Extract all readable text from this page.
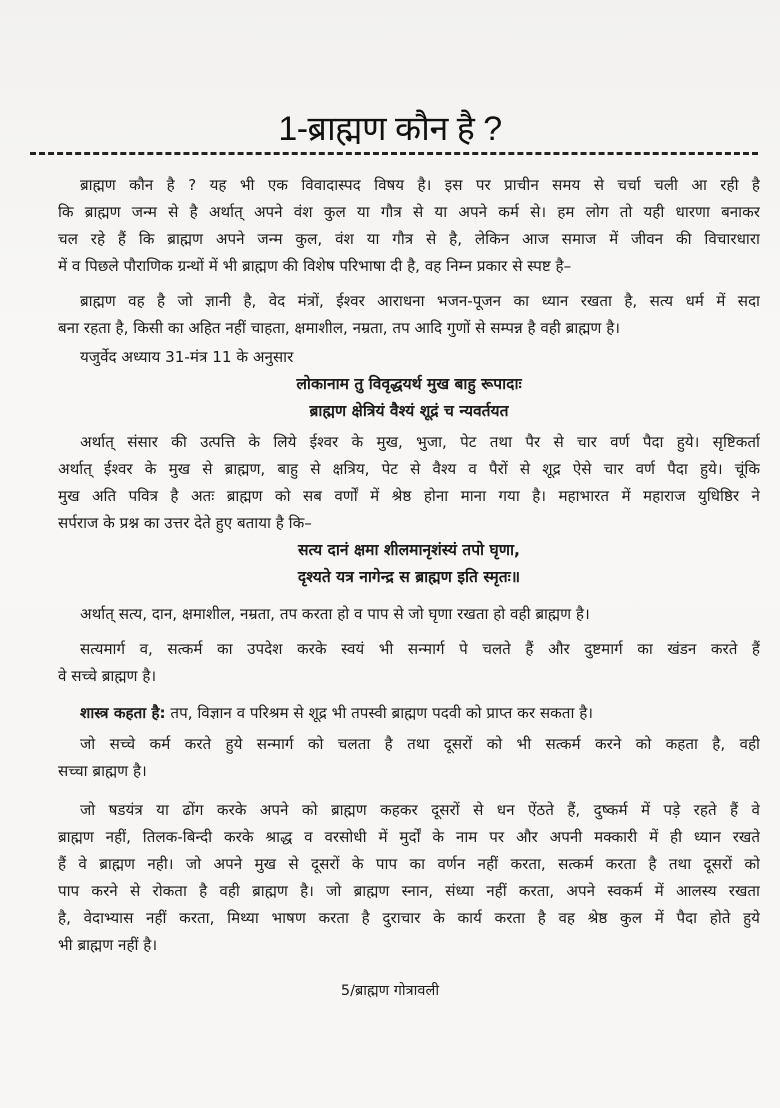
1-ब्राह्मण कौन है ?
ब्राह्मण कौन है ? यह भी एक विवादास्पद विषय है। इस पर प्राचीन समय से चर्चा चली आ रही है
कि ब्राह्मण जन्म से है अर्थात् अपने वंश कुल या गौत्र से या अपने कर्म से। हम लोग तो यही धारणा बनाकर
चल रहे हैं कि ब्राह्मण अपने जन्म कुल, वंश या गौत्र से है, लेकिन आज समाज में जीवन की विचारधारा
में व पिछले पौराणिक ग्रन्थों में भी ब्राह्मण की विशेष परिभाषा दी है, वह निम्न प्रकार से स्पष्ट है–
ब्राह्मण वह है जो ज्ञानी है, वेद मंत्रों, ईश्वर आराधना भजन-पूजन का ध्यान रखता है, सत्य धर्म में सदा
बना रहता है, किसी का अहित नहीं चाहता, क्षमाशील, नम्रता, तप आदि गुणों से सम्पन्न है वही ब्राह्मण है।
यजुर्वेद अध्याय 31-मंत्र 11 के अनुसार
लोकानाम तु विवृद्धयर्थ मुख बाहु रूपादाः
ब्राह्मण क्षेत्रियं वैश्यं शूद्रं च न्यवर्तयत
अर्थात् संसार की उत्पत्ति के लिये ईश्वर के मुख, भुजा, पेट तथा पैर से चार वर्ण पैदा हुये। सृष्टिकर्ता
अर्थात् ईश्वर के मुख से ब्राह्मण, बाहु से क्षत्रिय, पेट से वैश्य व पैरों से शूद्र ऐसे चार वर्ण पैदा हुये। चूंकि
मुख अति पवित्र है अतः ब्राह्मण को सब वर्णों में श्रेष्ठ होना माना गया है। महाभारत में महाराज युधिष्ठिर ने
सर्पराज के प्रश्न का उत्तर देते हुए बताया है कि–
सत्य दानं क्षमा शीलमानृशंस्यं तपो घृणा,
दृश्यते यत्र नागेन्द्र स ब्राह्मण इति स्मृतः॥
अर्थात् सत्य, दान, क्षमाशील, नम्रता, तप करता हो व पाप से जो घृणा रखता हो वही ब्राह्मण है।
सत्यमार्ग व, सत्कर्म का उपदेश करके स्वयं भी सन्मार्ग पे चलते हैं और दुष्टमार्ग का खंडन करते हैं
वे सच्चे ब्राह्मण है।
शास्त्र कहता है: तप, विज्ञान व परिश्रम से शूद्र भी तपस्वी ब्राह्मण पदवी को प्राप्त कर सकता है।
जो सच्चे कर्म करते हुये सन्मार्ग को चलता है तथा दूसरों को भी सत्कर्म करने को कहता है, वही
सच्चा ब्राह्मण है।
जो षडयंत्र या ढोंग करके अपने को ब्राह्मण कहकर दूसरों से धन ऐंठते हैं, दुष्कर्म में पड़े रहते हैं वे
ब्राह्मण नहीं, तिलक-बिन्दी करके श्राद्ध व वरसोधी में मुर्दों के नाम पर और अपनी मक्कारी में ही ध्यान रखते
हैं वे ब्राह्मण नही। जो अपने मुख से दूसरों के पाप का वर्णन नहीं करता, सत्कर्म करता है तथा दूसरों को
पाप करने से रोकता है वही ब्राह्मण है। जो ब्राह्मण स्नान, संध्या नहीं करता, अपने स्वकर्म में आलस्य रखता
है, वेदाभ्यास नहीं करता, मिथ्या भाषण करता है दुराचार के कार्य करता है वह श्रेष्ठ कुल में पैदा होते हुये
भी ब्राह्मण नहीं है।
5/ब्राह्मण गोत्रावली
